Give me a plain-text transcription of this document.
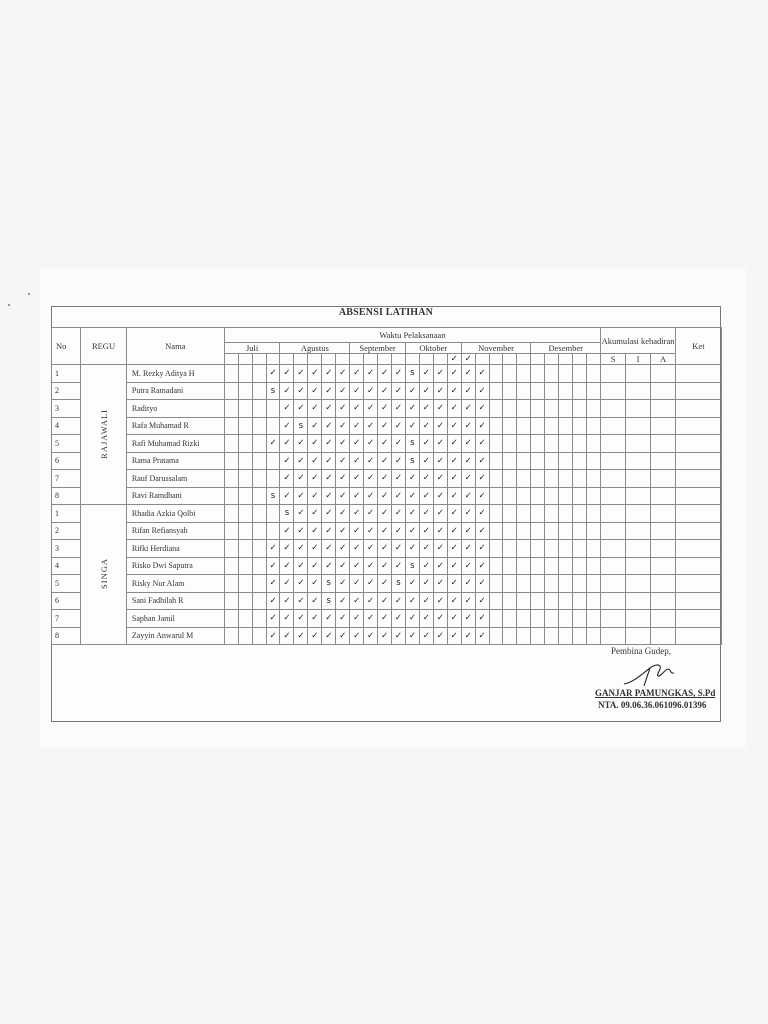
ABSENSI LATIHAN
No	REGU	Nama	Waktu Pelaksanaan																											Akumulasi kehadiran			Ket
			Juli				Agustus					September				Oktober				November					Desember								
																			✓	✓										S	I	A	
1	RAJAWALI	M. Rezky Aditya H				✓	✓	✓	✓	✓	✓	✓	✓	✓	✓	s	✓	✓	✓	✓	✓												
2		Putra Ramadani				s	✓	✓	✓	✓	✓	✓	✓	✓	✓	✓	✓	✓	✓	✓	✓												
3		Radityo					✓	✓	✓	✓	✓	✓	✓	✓	✓	✓	✓	✓	✓	✓	✓												
4		Rafa Muhamad R					✓	s	✓	✓	✓	✓	✓	✓	✓	✓	✓	✓	✓	✓	✓												
5		Rafi Muhamad Rizki				✓	✓	✓	✓	✓	✓	✓	✓	✓	✓	s	✓	✓	✓	✓	✓												
6		Rama Pratama					✓	✓	✓	✓	✓	✓	✓	✓	✓	s	✓	✓	✓	✓	✓												
7		Rauf Darussalam					✓	✓	✓	✓	✓	✓	✓	✓	✓	✓	✓	✓	✓	✓	✓												
8		Ravi Ramdhani				s	✓	✓	✓	✓	✓	✓	✓	✓	✓	✓	✓	✓	✓	✓	✓												
1	SINGA	Rhadia Azkia Qolbi					s	✓	✓	✓	✓	✓	✓	✓	✓	✓	✓	✓	✓	✓	✓												
2		Rifan Refiansyah					✓	✓	✓	✓	✓	✓	✓	✓	✓	✓	✓	✓	✓	✓	✓												
3		Rifki Herdiana				✓	✓	✓	✓	✓	✓	✓	✓	✓	✓	✓	✓	✓	✓	✓	✓												
4		Risko Dwi Saputra				✓	✓	✓	✓	✓	✓	✓	✓	✓	✓	s	✓	✓	✓	✓	✓												
5		Risky Nur Alam				✓	✓	✓	✓	s	✓	✓	✓	✓	s	✓	✓	✓	✓	✓	✓												
6		Sani Fadhilah R				✓	✓	✓	✓	s	✓	✓	✓	✓	✓	✓	✓	✓	✓	✓	✓												
7		Saphan Jamil				✓	✓	✓	✓	✓	✓	✓	✓	✓	✓	✓	✓	✓	✓	✓	✓												
8		Zayyin Anwarul M				✓	✓	✓	✓	✓	✓	✓	✓	✓	✓	✓	✓	✓	✓	✓	✓												
Pembina Gudep,
GANJAR PAMUNGKAS, S.Pd
NTA. 09.06.36.061096.01396
